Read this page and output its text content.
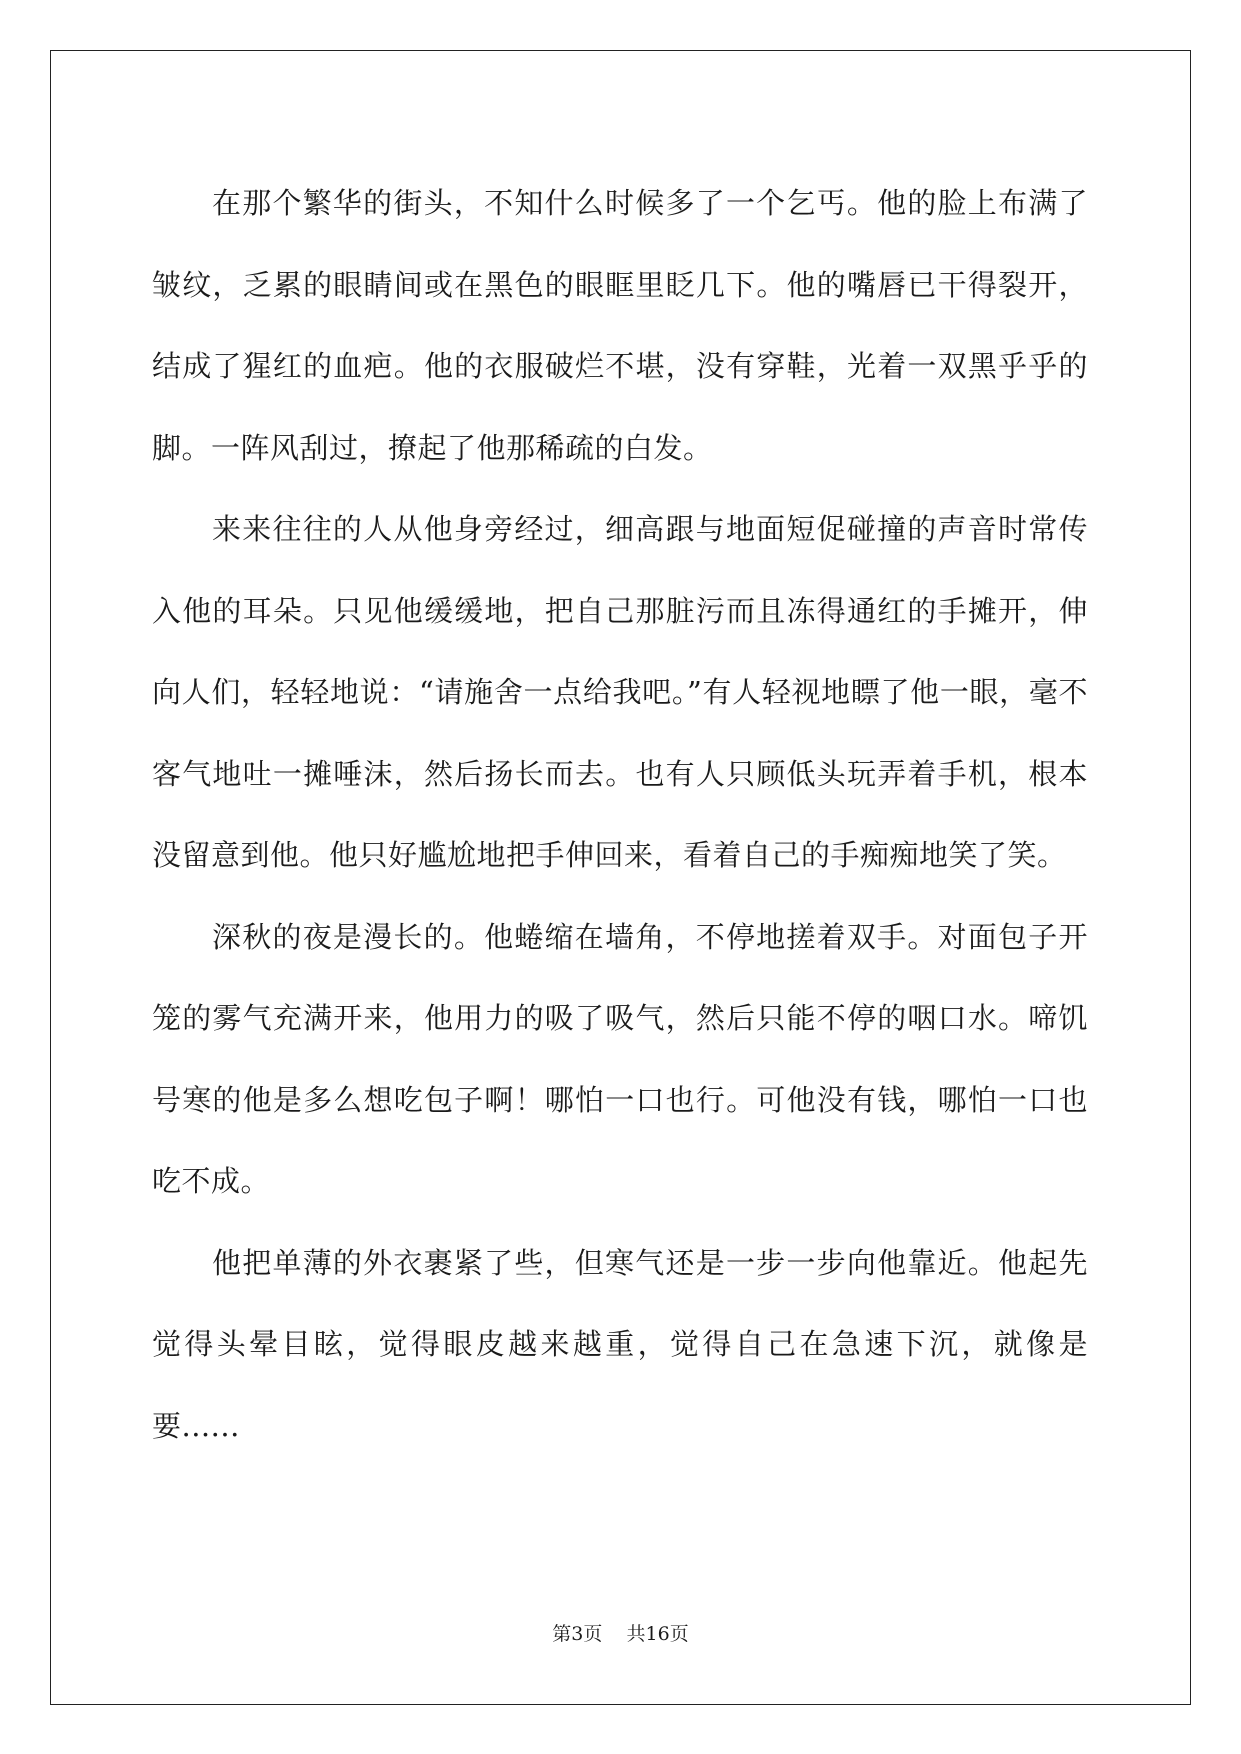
在那个繁华的街头，不知什么时候多了一个乞丐。他的脸上布满了皱纹，乏累的眼睛间或在黑色的眼眶里眨几下。他的嘴唇已干得裂开，结成了猩红的血疤。他的衣服破烂不堪，没有穿鞋，光着一双黑乎乎的脚。一阵风刮过，撩起了他那稀疏的白发。

来来往往的人从他身旁经过，细高跟与地面短促碰撞的声音时常传入他的耳朵。只见他缓缓地，把自己那脏污而且冻得通红的手摊开，伸向人们，轻轻地说：“请施舍一点给我吧。”有人轻视地瞟了他一眼，毫不客气地吐一摊唾沫，然后扬长而去。也有人只顾低头玩弄着手机，根本没留意到他。他只好尴尬地把手伸回来，看着自己的手痴痴地笑了笑。

深秋的夜是漫长的。他蜷缩在墙角，不停地搓着双手。对面包子开笼的雾气充满开来，他用力的吸了吸气，然后只能不停的咽口水。啼饥号寒的他是多么想吃包子啊！哪怕一口也行。可他没有钱，哪怕一口也吃不成。

他把单薄的外衣裹紧了些，但寒气还是一步一步向他靠近。他起先觉得头晕目眩，觉得眼皮越来越重，觉得自己在急速下沉，就像是要......

第3页 共16页
